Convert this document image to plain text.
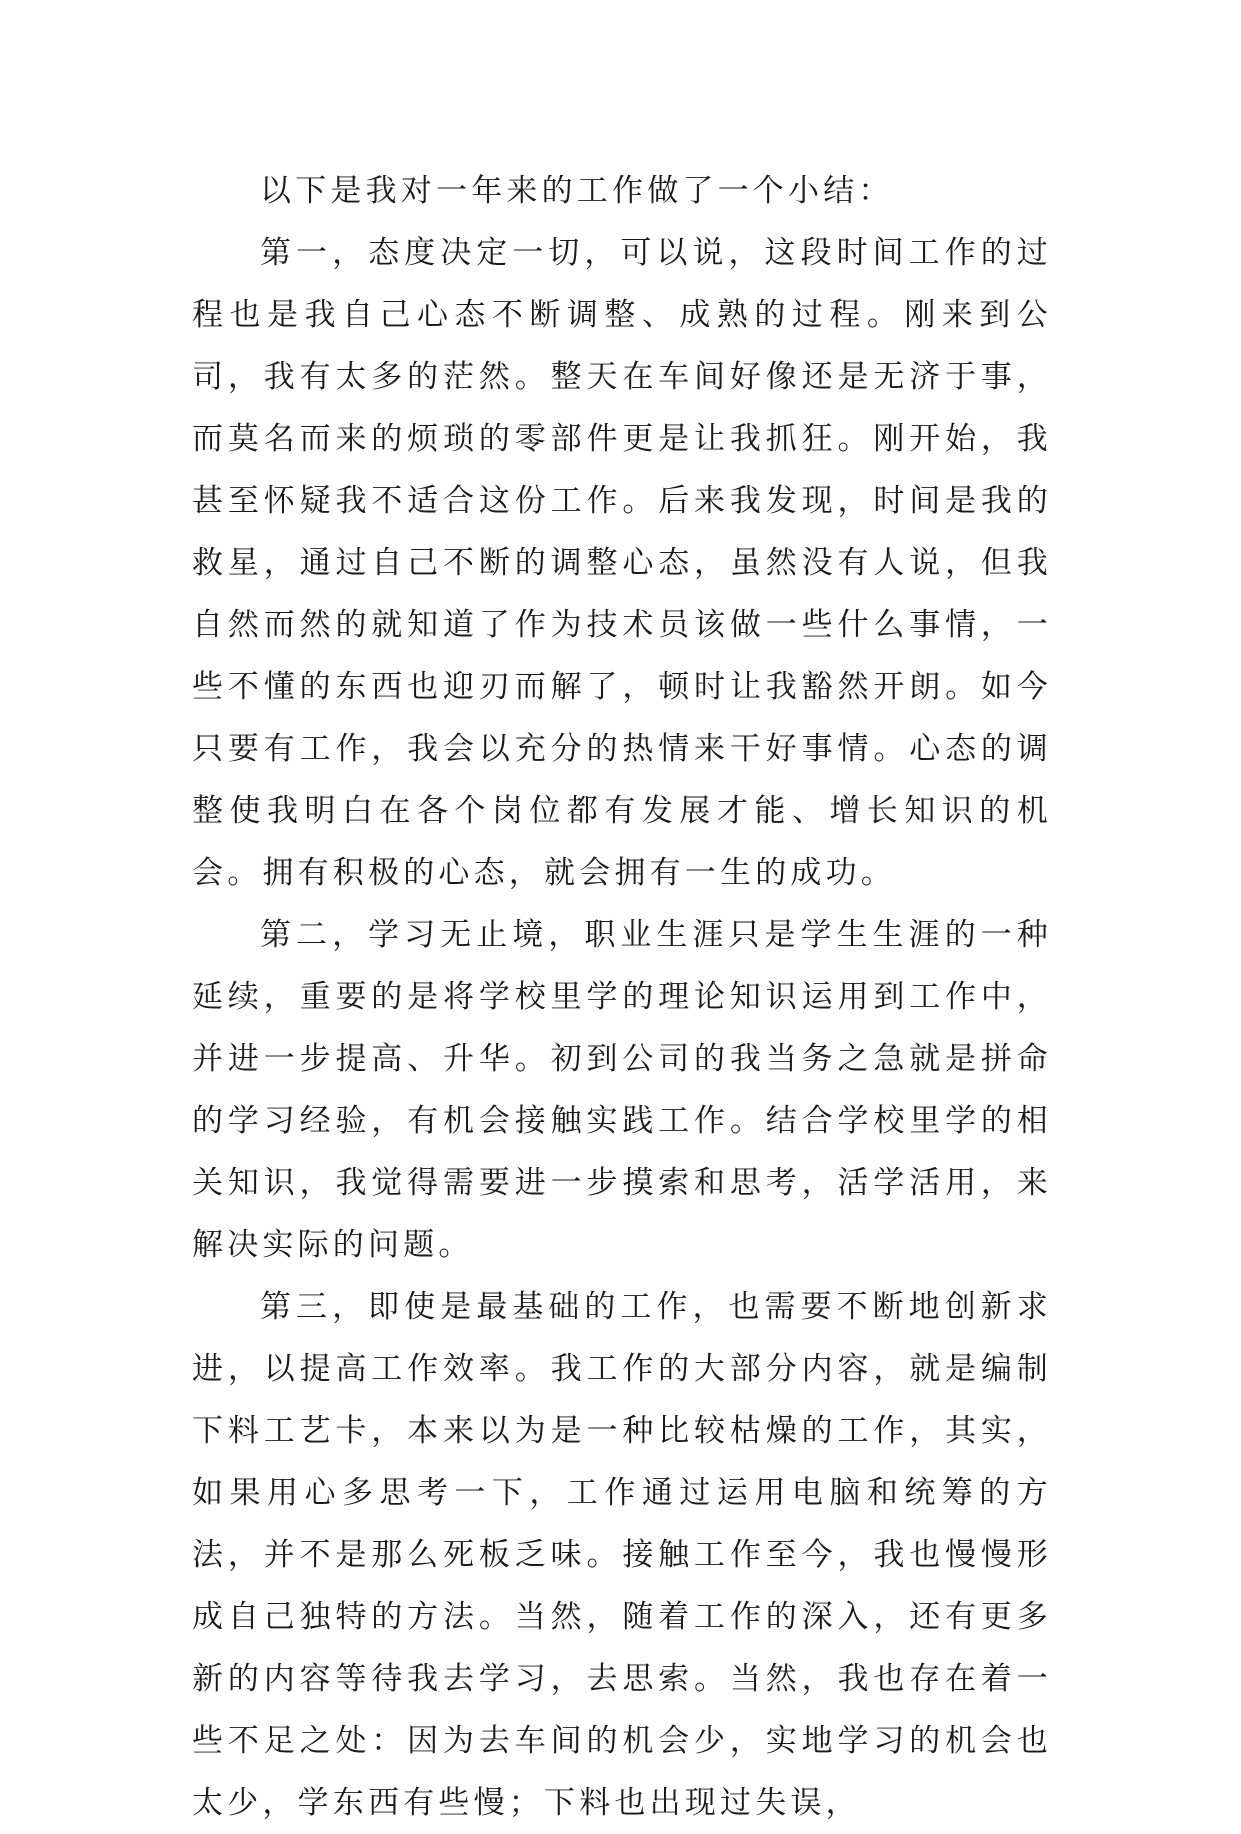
以下是我对一年来的工作做了一个小结：

第一，态度决定一切，可以说，这段时间工作的过程也是我自己心态不断调整、成熟的过程。刚来到公司，我有太多的茫然。整天在车间好像还是无济于事，而莫名而来的烦琐的零部件更是让我抓狂。刚开始，我甚至怀疑我不适合这份工作。后来我发现，时间是我的救星，通过自己不断的调整心态，虽然没有人说，但我自然而然的就知道了作为技术员该做一些什么事情，一些不懂的东西也迎刃而解了，顿时让我豁然开朗。如今只要有工作，我会以充分的热情来干好事情。心态的调整使我明白在各个岗位都有发展才能、增长知识的机会。拥有积极的心态，就会拥有一生的成功。

第二，学习无止境，职业生涯只是学生生涯的一种延续，重要的是将学校里学的理论知识运用到工作中，并进一步提高、升华。初到公司的我当务之急就是拼命的学习经验，有机会接触实践工作。结合学校里学的相关知识，我觉得需要进一步摸索和思考，活学活用，来解决实际的问题。

第三，即使是最基础的工作，也需要不断地创新求进，以提高工作效率。我工作的大部分内容，就是编制下料工艺卡，本来以为是一种比较枯燥的工作，其实，如果用心多思考一下，工作通过运用电脑和统筹的方法，并不是那么死板乏味。接触工作至今，我也慢慢形成自己独特的方法。当然，随着工作的深入，还有更多新的内容等待我去学习，去思索。当然，我也存在着一些不足之处：因为去车间的机会少，实地学习的机会也太少，学东西有些慢；下料也出现过失误，
